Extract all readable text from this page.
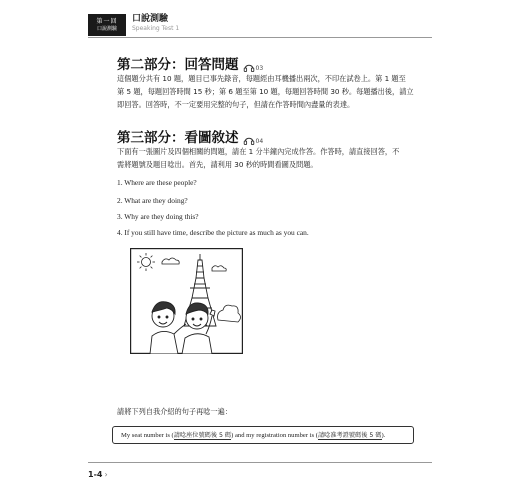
第一回
口說測驗
口說測驗
Speaking Test 1
第二部分：回答問題	03
這個題分共有 10 題，題目已事先錄音，每題經由耳機播出兩次，不印在試卷上。第 1 題至
第 5 題，每題回答時間 15 秒；第 6 題至第 10 題，每題回答時間 30 秒。每題播出後，請立
即回答。回答時，不一定要用完整的句子，但請在作答時間內盡量的表達。
第三部分：看圖敘述	04
下面有一張圖片及四個相關的問題，請在 1 分半鐘內完成作答。作答時，請直接回答，不
需將題號及題目唸出。首先，請利用 30 秒的時間看圖及問題。
1. Where are these people?
2. What are they doing?
3. Why are they doing this?
4. If you still have time, describe the picture as much as you can.
請將下列自我介紹的句子再唸一遍：
My seat number is ( 請唸座位號碼後 5 碼 ) and my registration number is ( 請唸准考證號碼後 5 碼 ).
1-4 ›
